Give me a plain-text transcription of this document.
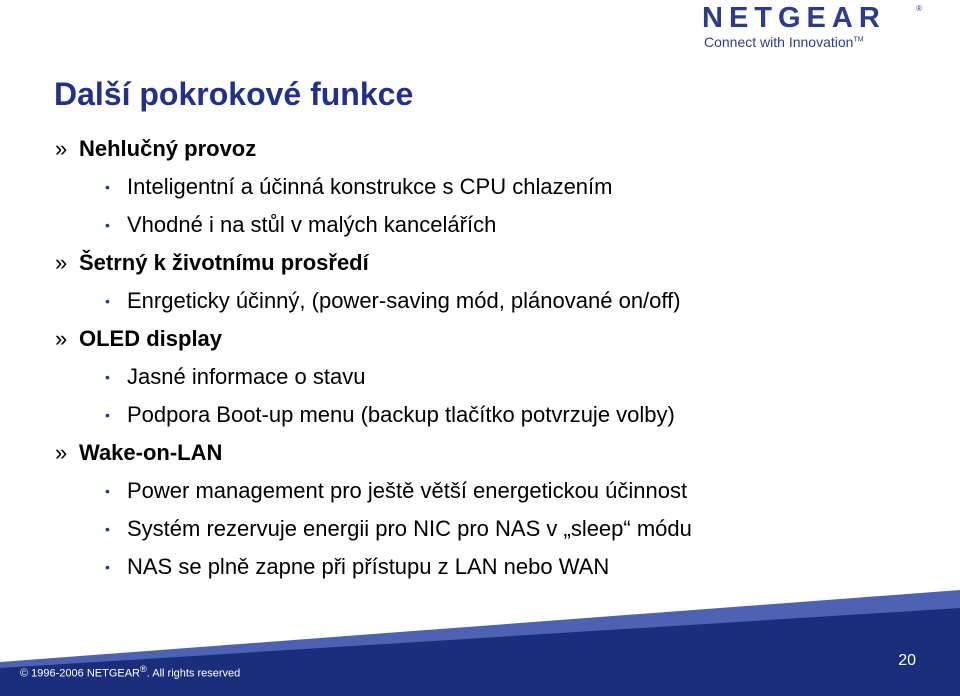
NETGEAR	®
Connect with Innovation™
Další pokrokové funkce
» Nehlučný provoz
• Inteligentní a účinná konstrukce s CPU chlazením
• Vhodné i na stůl v malých kancelářích
» Šetrný k životnímu prosředí
• Enrgeticky účinný, (power-saving mód, plánované on/off)
» OLED display
• Jasné informace o stavu
• Podpora Boot-up menu (backup tlačítko potvrzuje volby)
» Wake-on-LAN
• Power management pro ještě větší energetickou účinnost
• Systém rezervuje energii pro NIC pro NAS v „sleep“ módu
• NAS se plně zapne při přístupu z LAN nebo WAN
© 1996-2006 NETGEAR®. All rights reserved
20
